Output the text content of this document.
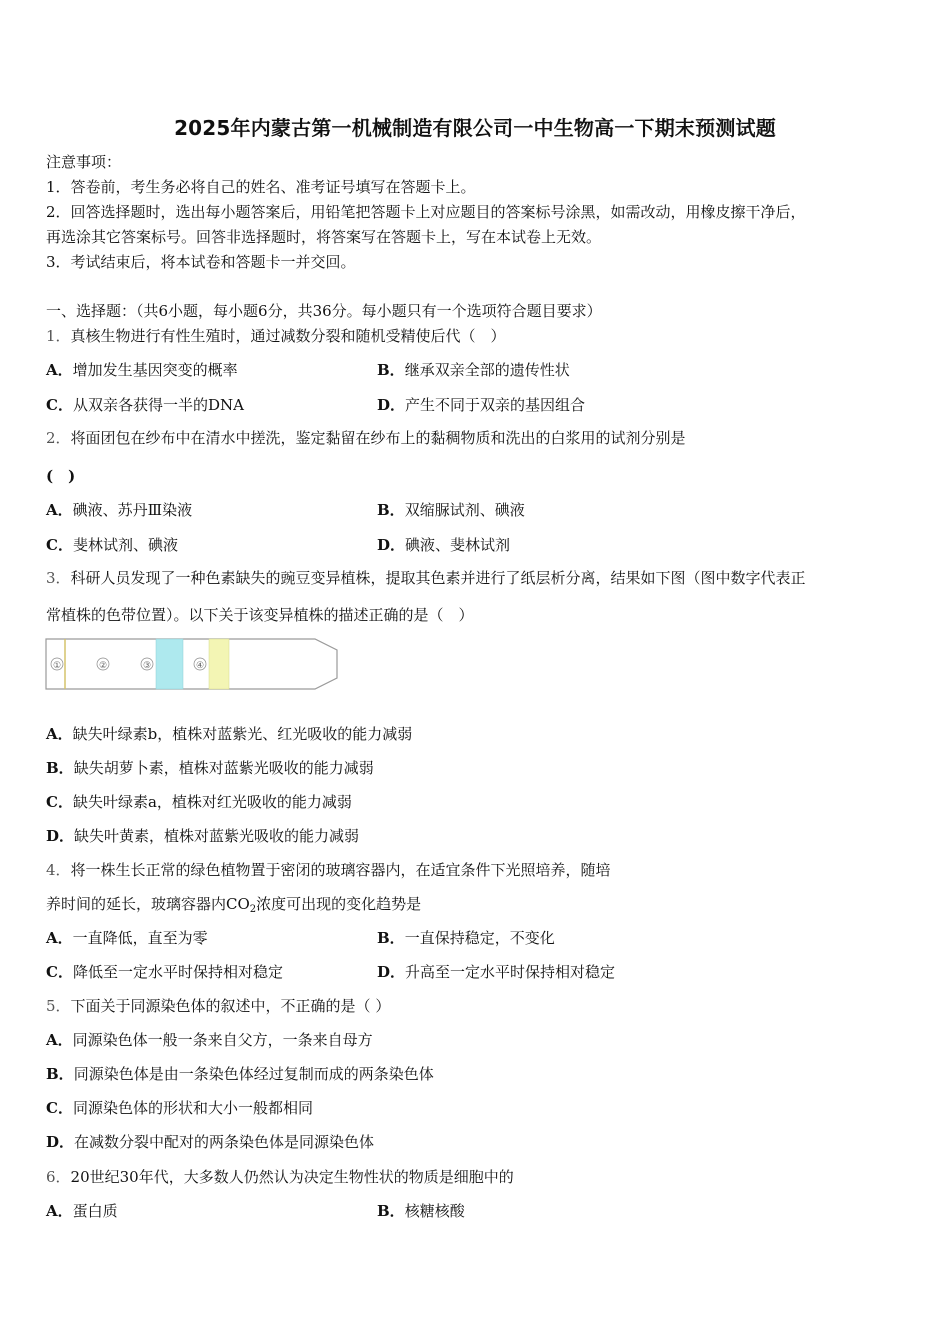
2025年内蒙古第一机械制造有限公司一中生物高一下期末预测试题
注意事项：
1．答卷前，考生务必将自己的姓名、准考证号填写在答题卡上。
2．回答选择题时，选出每小题答案后，用铅笔把答题卡上对应题目的答案标号涂黑，如需改动，用橡皮擦干净后，
再选涂其它答案标号。回答非选择题时，将答案写在答题卡上，写在本试卷上无效。
3．考试结束后，将本试卷和答题卡一并交回。
一、选择题：（共6小题，每小题6分，共36分。每小题只有一个选项符合题目要求）
1．真核生物进行有性生殖时，通过减数分裂和随机受精使后代（　）
A．增加发生基因突变的概率	B．继承双亲全部的遗传性状
C．从双亲各获得一半的DNA	D．产生不同于双亲的基因组合
2．将面团包在纱布中在清水中搓洗，鉴定黏留在纱布上的黏稠物质和洗出的白浆用的试剂分别是
(　)
A．碘液、苏丹Ⅲ染液	B．双缩脲试剂、碘液
C．斐林试剂、碘液	D．碘液、斐林试剂
3．科研人员发现了一种色素缺失的豌豆变异植株，提取其色素并进行了纸层析分离，结果如下图（图中数字代表正
常植株的色带位置）。以下关于该变异植株的描述正确的是（　）
①	②	③	④
A．缺失叶绿素b，植株对蓝紫光、红光吸收的能力减弱
B．缺失胡萝卜素，植株对蓝紫光吸收的能力减弱
C．缺失叶绿素a，植株对红光吸收的能力减弱
D．缺失叶黄素，植株对蓝紫光吸收的能力减弱
4．将一株生长正常的绿色植物置于密闭的玻璃容器内，在适宜条件下光照培养，随培
养时间的延长，玻璃容器内$CO_2$浓度可出现的变化趋势是
A．一直降低，直至为零	B．一直保持稳定，不变化
C．降低至一定水平时保持相对稳定	D．升高至一定水平时保持相对稳定
5．下面关于同源染色体的叙述中，不正确的是（ ）
A．同源染色体一般一条来自父方，一条来自母方
B．同源染色体是由一条染色体经过复制而成的两条染色体
C．同源染色体的形状和大小一般都相同
D．在减数分裂中配对的两条染色体是同源染色体
6．20世纪30年代，大多数人仍然认为决定生物性状的物质是细胞中的
A．蛋白质	B．核糖核酸
